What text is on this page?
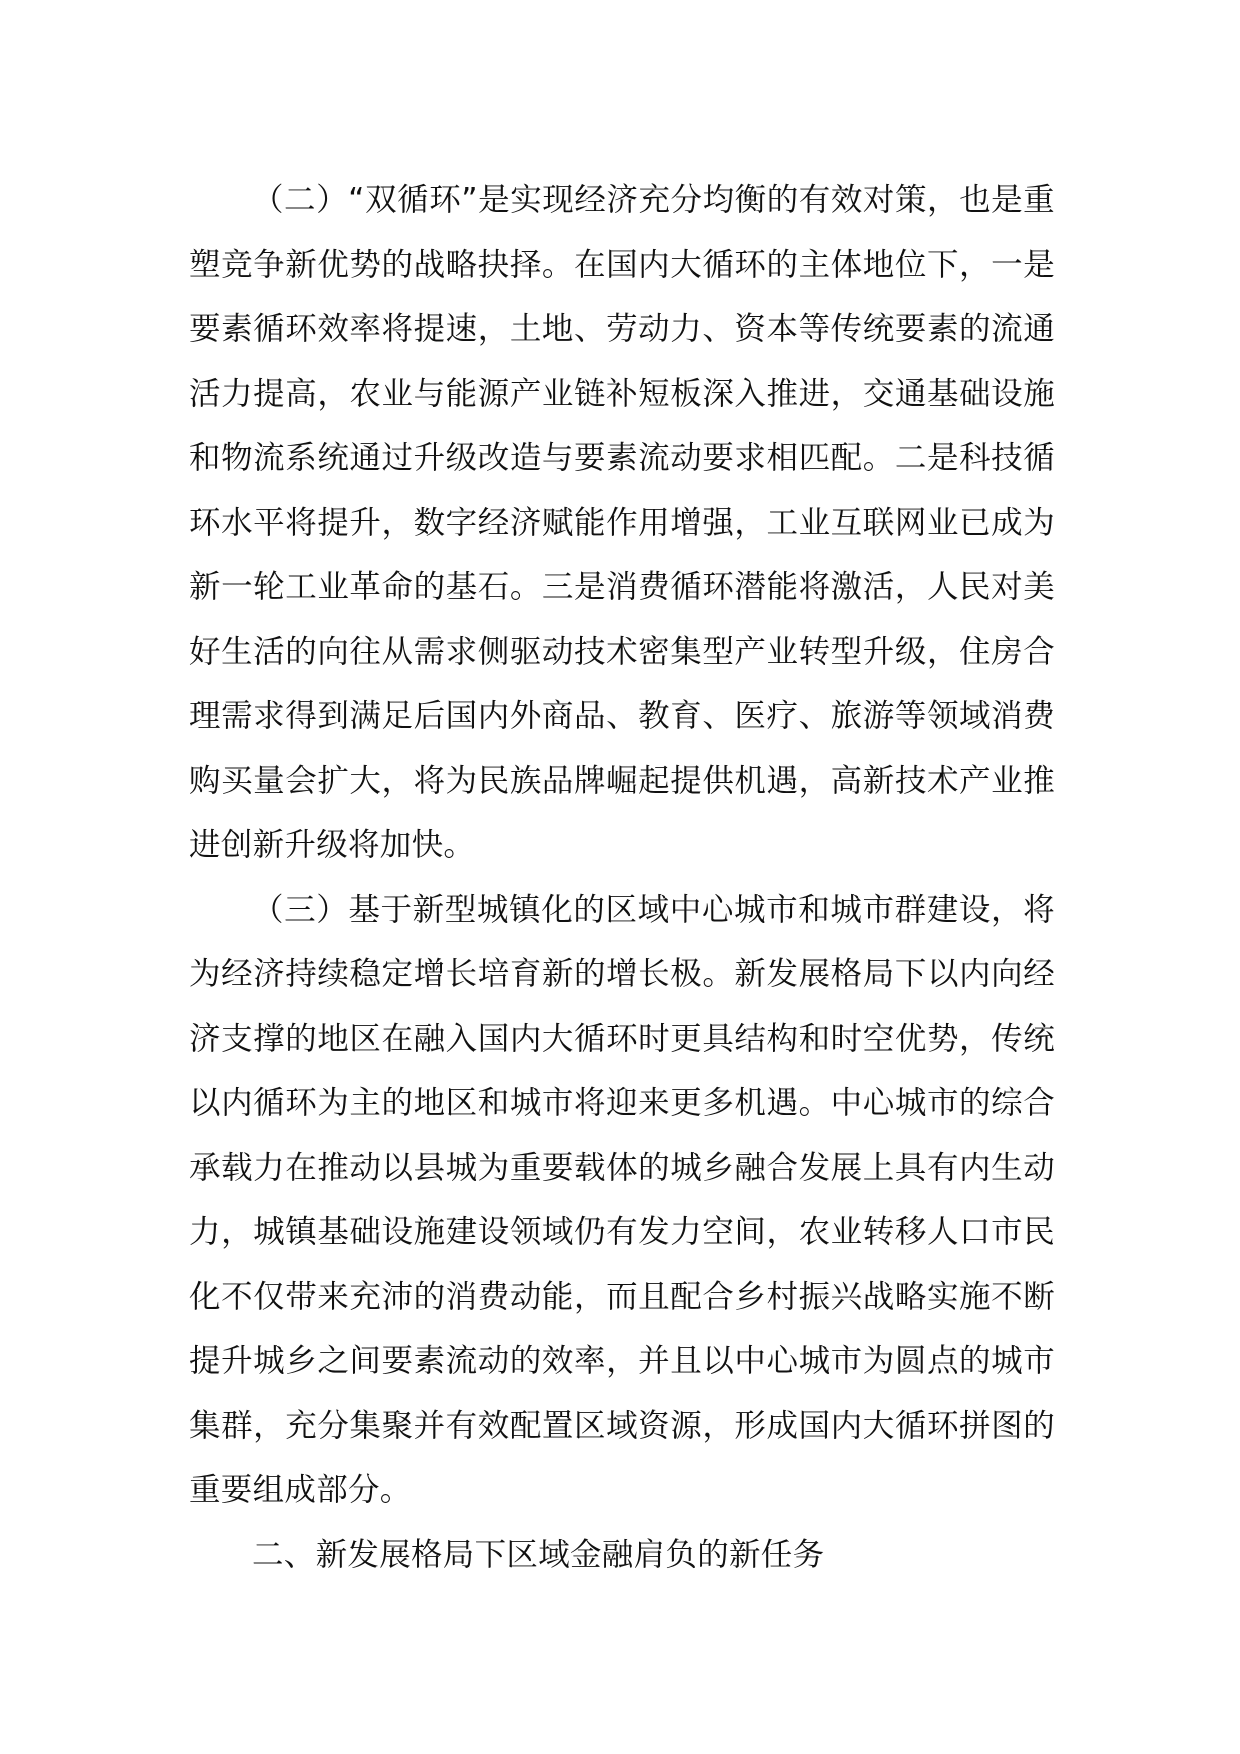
（二）“双循环”是实现经济充分均衡的有效对策，也是重塑竞争新优势的战略抉择。在国内大循环的主体地位下，一是要素循环效率将提速，土地、劳动力、资本等传统要素的流通活力提高，农业与能源产业链补短板深入推进，交通基础设施和物流系统通过升级改造与要素流动要求相匹配。二是科技循环水平将提升，数字经济赋能作用增强，工业互联网业已成为新一轮工业革命的基石。三是消费循环潜能将激活，人民对美好生活的向往从需求侧驱动技术密集型产业转型升级，住房合理需求得到满足后国内外商品、教育、医疗、旅游等领域消费购买量会扩大，将为民族品牌崛起提供机遇，高新技术产业推进创新升级将加快。

（三）基于新型城镇化的区域中心城市和城市群建设，将为经济持续稳定增长培育新的增长极。新发展格局下以内向经济支撑的地区在融入国内大循环时更具结构和时空优势，传统以内循环为主的地区和城市将迎来更多机遇。中心城市的综合承载力在推动以县城为重要载体的城乡融合发展上具有内生动力，城镇基础设施建设领域仍有发力空间，农业转移人口市民化不仅带来充沛的消费动能，而且配合乡村振兴战略实施不断提升城乡之间要素流动的效率，并且以中心城市为圆点的城市集群，充分集聚并有效配置区域资源，形成国内大循环拼图的重要组成部分。

二、新发展格局下区域金融肩负的新任务
